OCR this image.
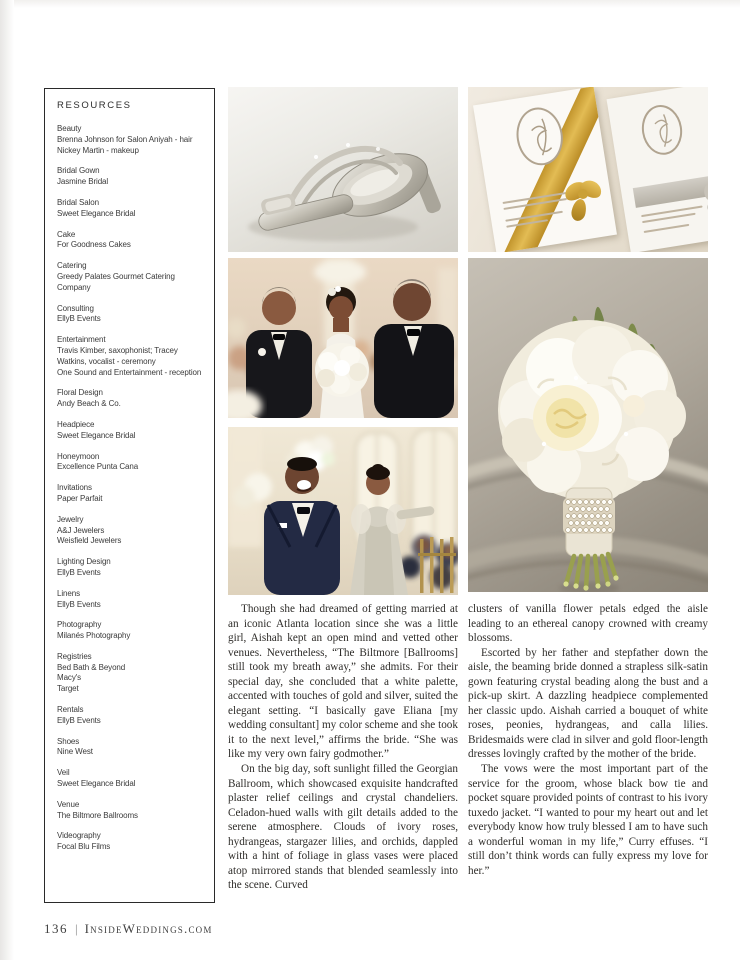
RESOURCES
Beauty
Brenna Johnson for Salon Aniyah - hair
Nickey Martin - makeup
Bridal Gown
Jasmine Bridal
Bridal Salon
Sweet Elegance Bridal
Cake
For Goodness Cakes
Catering
Greedy Palates Gourmet Catering Company
Consulting
EllyB Events
Entertainment
Travis Kimber, saxophonist; Tracey Watkins, vocalist - ceremony
One Sound and Entertainment - reception
Floral Design
Andy Beach & Co.
Headpiece
Sweet Elegance Bridal
Honeymoon
Excellence Punta Cana
Invitations
Paper Parfait
Jewelry
A&J Jewelers
Weisfield Jewelers
Lighting Design
EllyB Events
Linens
EllyB Events
Photography
Milanés Photography
Registries
Bed Bath & Beyond
Macy's
Target
Rentals
EllyB Events
Shoes
Nine West
Veil
Sweet Elegance Bridal
Venue
The Biltmore Ballrooms
Videography
Focal Blu Films

Though she had dreamed of getting married at an iconic Atlanta location since she was a little girl, Aishah kept an open mind and vetted other venues. Nevertheless, “The Biltmore [Ballrooms] still took my breath away,” she admits. For their special day, she concluded that a white palette, accented with touches of gold and silver, suited the elegant setting. “I basically gave Eliana [my wedding consultant] my color scheme and she took it to the next level,” affirms the bride. “She was like my very own fairy godmother.”

On the big day, soft sunlight filled the Georgian Ballroom, which showcased exquisite handcrafted plaster relief ceilings and crystal chandeliers. Celadon-hued walls with gilt details added to the serene atmosphere. Clouds of ivory roses, hydrangeas, stargazer lilies, and orchids, dappled with a hint of foliage in glass vases were placed atop mirrored stands that blended seamlessly into the scene. Curved

clusters of vanilla flower petals edged the aisle leading to an ethereal canopy crowned with creamy blossoms.

Escorted by her father and stepfather down the aisle, the beaming bride donned a strapless silk-satin gown featuring crystal beading along the bust and a pick-up skirt. A dazzling headpiece complemented her classic updo. Aishah carried a bouquet of white roses, peonies, hydrangeas, and calla lilies. Bridesmaids were clad in silver and gold floor-length dresses lovingly crafted by the mother of the bride.

The vows were the most important part of the service for the groom, whose black bow tie and pocket square provided points of contrast to his ivory tuxedo jacket. “I wanted to pour my heart out and let everybody know how truly blessed I am to have such a wonderful woman in my life,” Curry effuses. “I still don’t think words can fully express my love for her.”

136 | InsideWeddings.com
